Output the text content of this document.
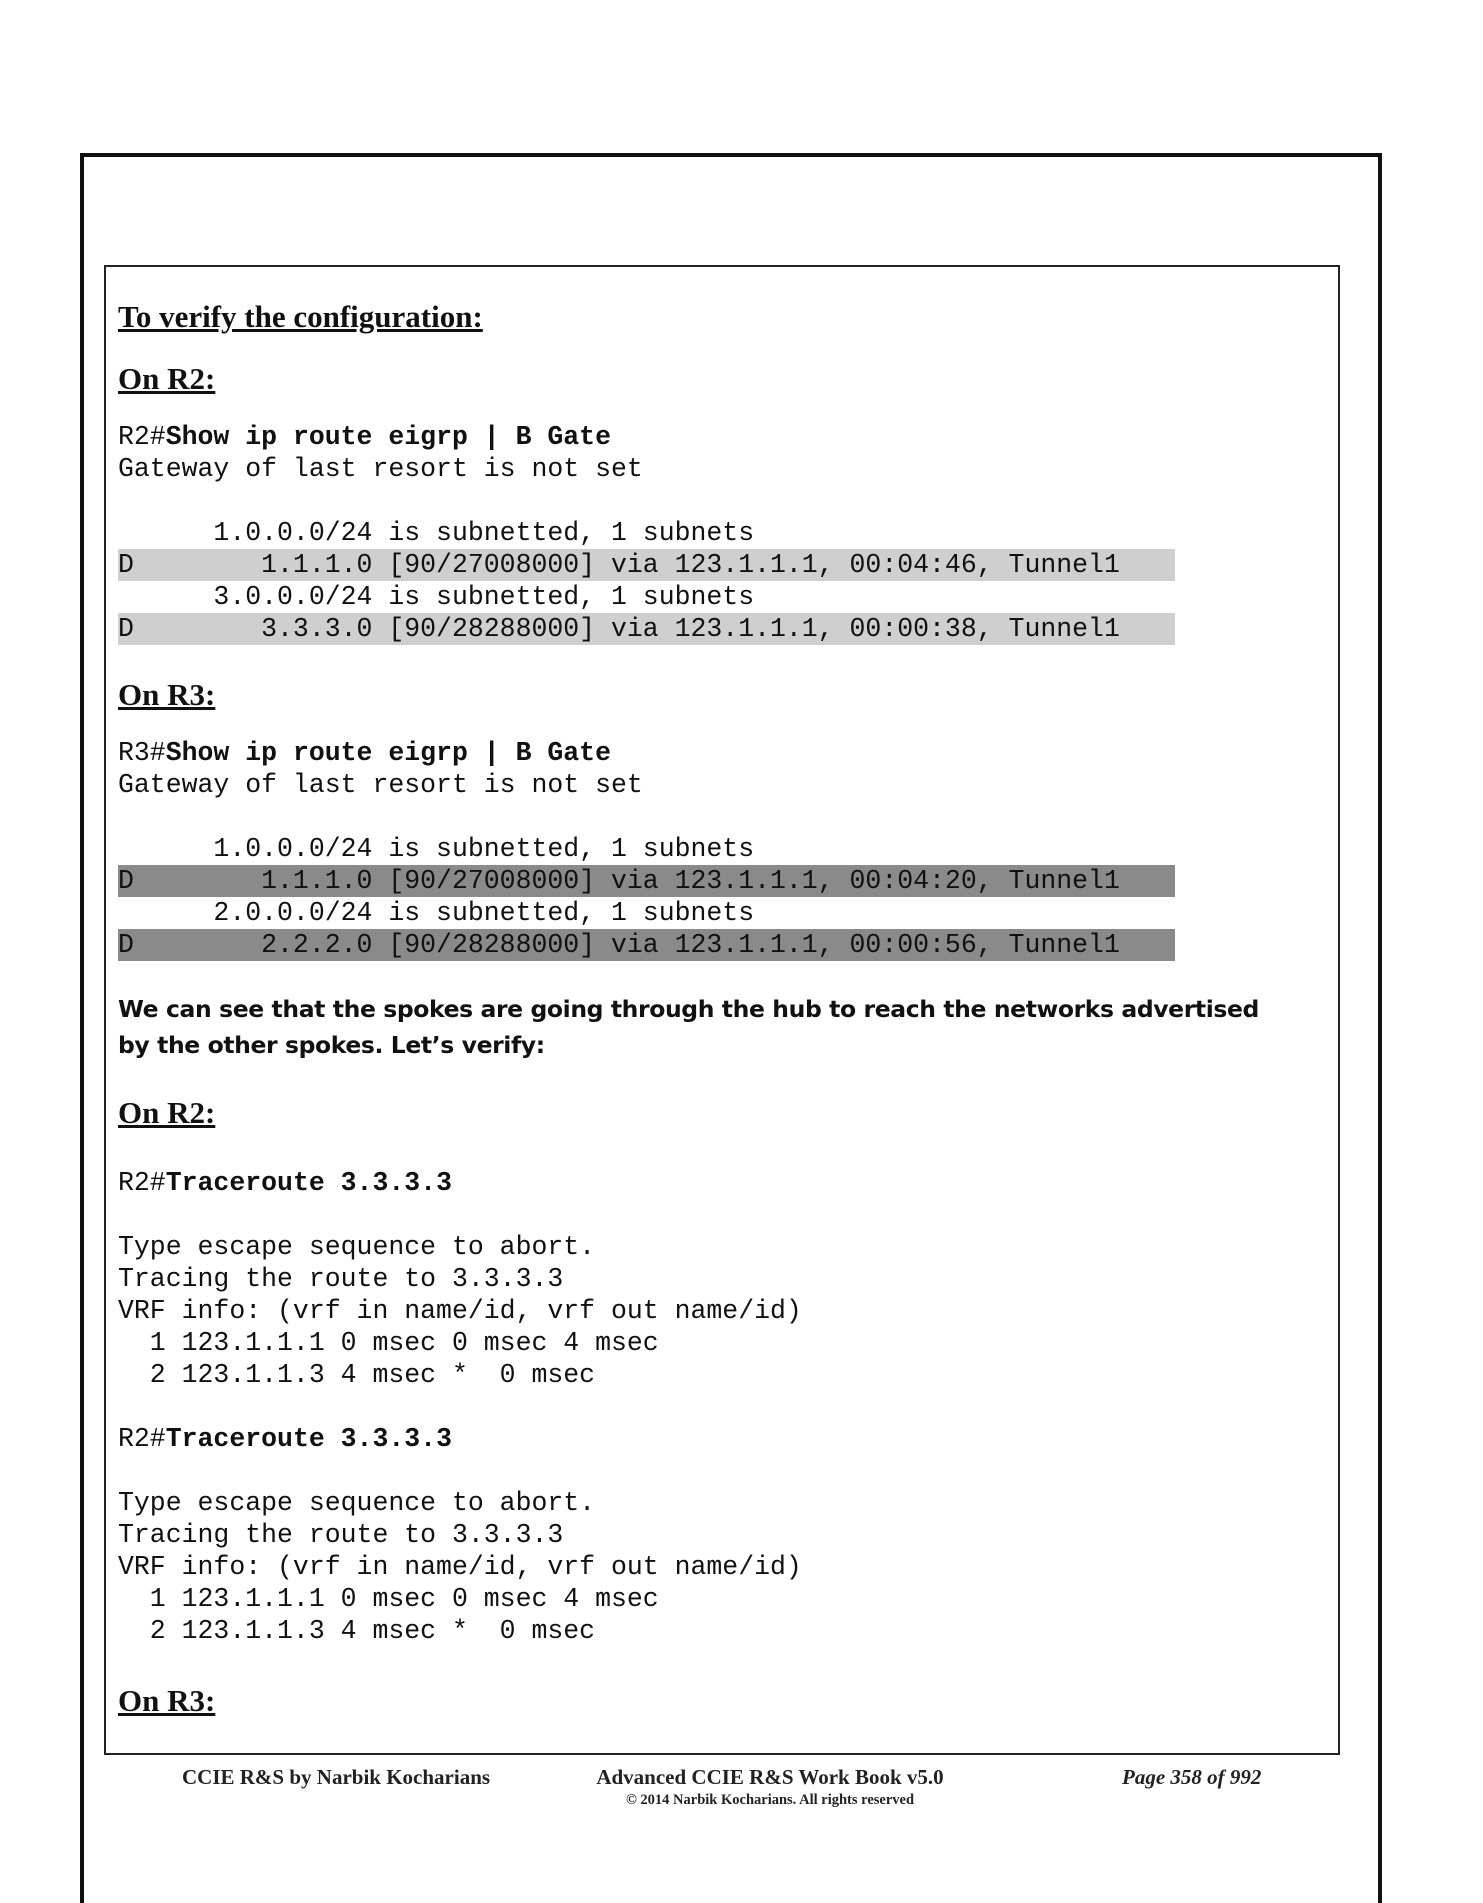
To verify the configuration:
On R2:
R2#Show ip route eigrp | B Gate
Gateway of last resort is not set
1.0.0.0/24 is subnetted, 1 subnets
D        1.1.1.0 [90/27008000] via 123.1.1.1, 00:04:46, Tunnel1
3.0.0.0/24 is subnetted, 1 subnets
D        3.3.3.0 [90/28288000] via 123.1.1.1, 00:00:38, Tunnel1
On R3:
R3#Show ip route eigrp | B Gate
Gateway of last resort is not set
1.0.0.0/24 is subnetted, 1 subnets
D        1.1.1.0 [90/27008000] via 123.1.1.1, 00:04:20, Tunnel1
2.0.0.0/24 is subnetted, 1 subnets
D        2.2.2.0 [90/28288000] via 123.1.1.1, 00:00:56, Tunnel1

We can see that the spokes are going through the hub to reach the networks advertised by the other spokes. Let’s verify:

On R2:
R2#Traceroute 3.3.3.3
Type escape sequence to abort.
Tracing the route to 3.3.3.3
VRF info: (vrf in name/id, vrf out name/id)
1 123.1.1.1 0 msec 0 msec 4 msec
2 123.1.1.3 4 msec *  0 msec
R2#Traceroute 3.3.3.3
Type escape sequence to abort.
Tracing the route to 3.3.3.3
VRF info: (vrf in name/id, vrf out name/id)
1 123.1.1.1 0 msec 0 msec 4 msec
2 123.1.1.3 4 msec *  0 msec
On R3:
CCIE R&S by Narbik Kocharians	Advanced CCIE R&S Work Book v5.0
© 2014 Narbik Kocharians. All rights reserved
Page 358 of 992
